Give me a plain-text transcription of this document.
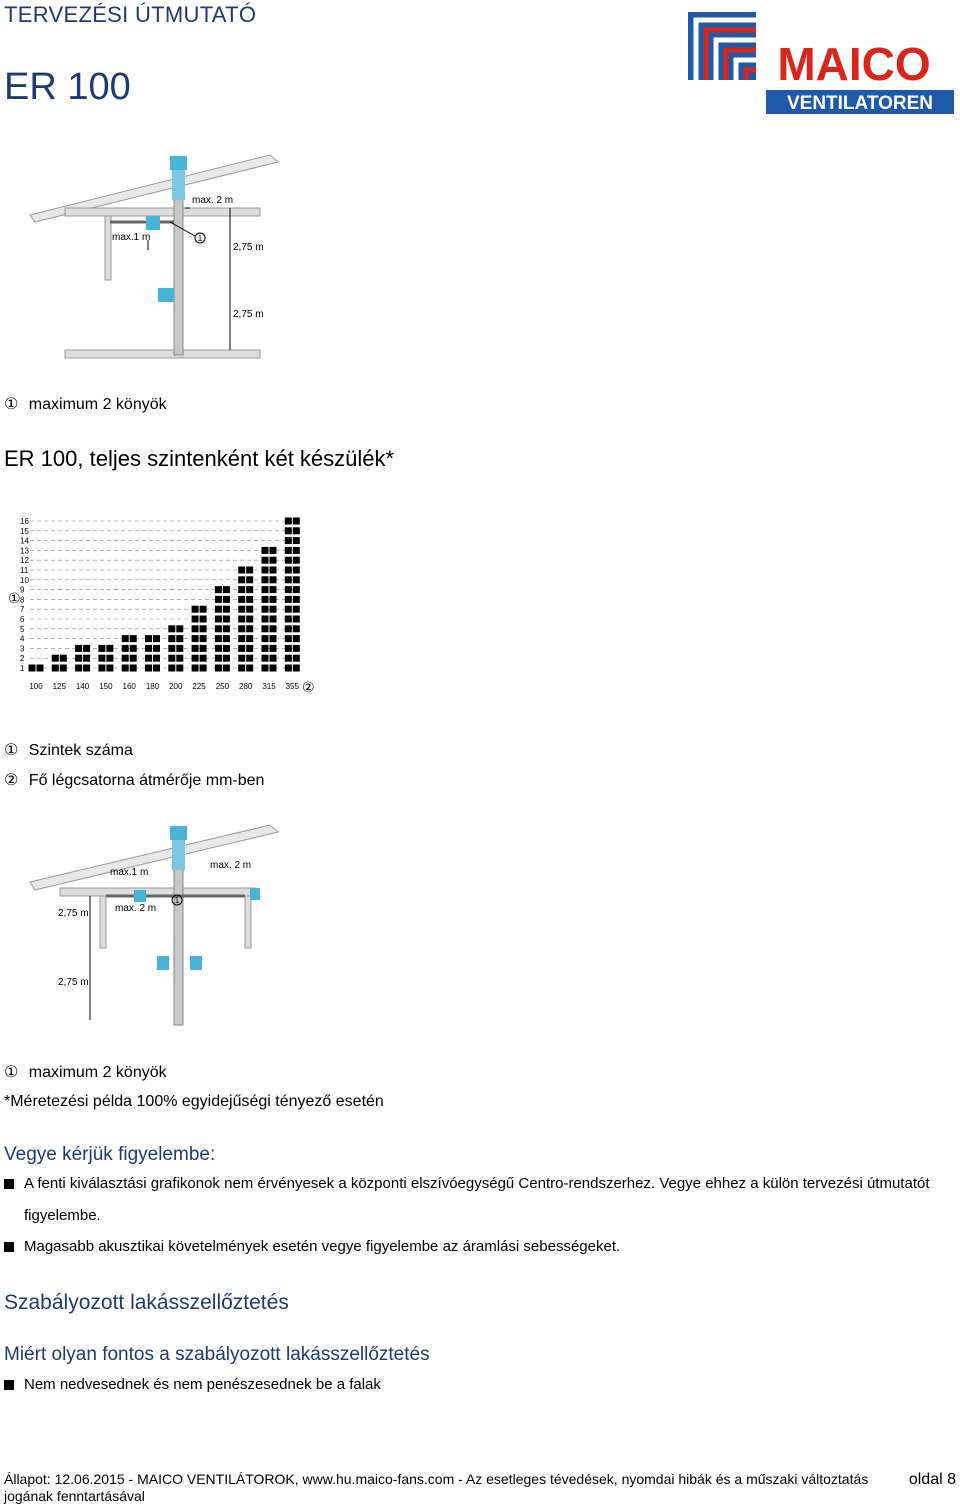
TERVEZÉSI ÚTMUTATÓ
ER 100	MAICO
VENTILATOREN
1
max. 2 m
max.1 m
2,75 m
2,75 m
① maximum 2 könyök
ER 100, teljes szintenként két készülék*
16
15
14
13
12
11
10
9
8
7
6
5
4
3
2
1
100 125 140 150 160 180 200 225 250 280 315 355
①
②
① Szintek száma
② Fő légcsatorna átmérője mm-ben
1
max.1 m
max. 2 m
max. 2 m
2,75 m
2,75 m
① maximum 2 könyök
*Méretezési példa 100% egyidejűségi tényező esetén
Vegye kérjük figyelembe:
A fenti kiválasztási grafikonok nem érvényesek a központi elszívóegységű Centro-rendszerhez. Vegye ehhez a külön tervezési útmutatót
figyelembe.
Magasabb akusztikai követelmények esetén vegye figyelembe az áramlási sebességeket.
Szabályozott lakásszellőztetés
Miért olyan fontos a szabályozott lakásszellőztetés
Nem nedvesednek és nem penészesednek be a falak
Állapot: 12.06.2015 - MAICO VENTILÁTOROK, www.hu.maico-fans.com - Az esetleges tévedések, nyomdai hibák és a műszaki változtatás
jogának fenntartásával
oldal 8
